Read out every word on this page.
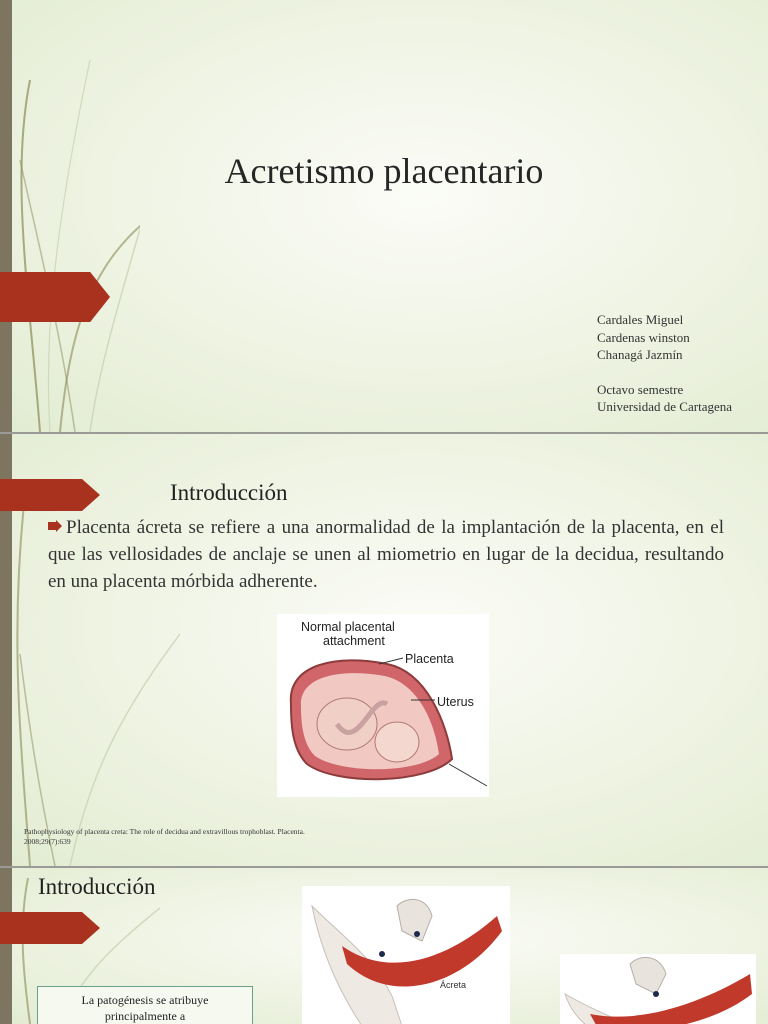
Acretismo placentario
Cardales Miguel
Cardenas winston
Chanagá Jazmín
Octavo semestre
Universidad de Cartagena
Introducción
Placenta ácreta se refiere a una anormalidad de la implantación de la placenta, en el que las vellosidades de anclaje se unen al miometrio en lugar de la decidua, resultando en una placenta mórbida adherente.
Normal placental
attachment
Placenta
Uterus
Pathophysiology of placenta creta: The role of decidua and extravillous trophoblast. Placenta.
2008;29(7):639
Introducción
Ácreta
La patogénesis se atribuye
principalmente a
